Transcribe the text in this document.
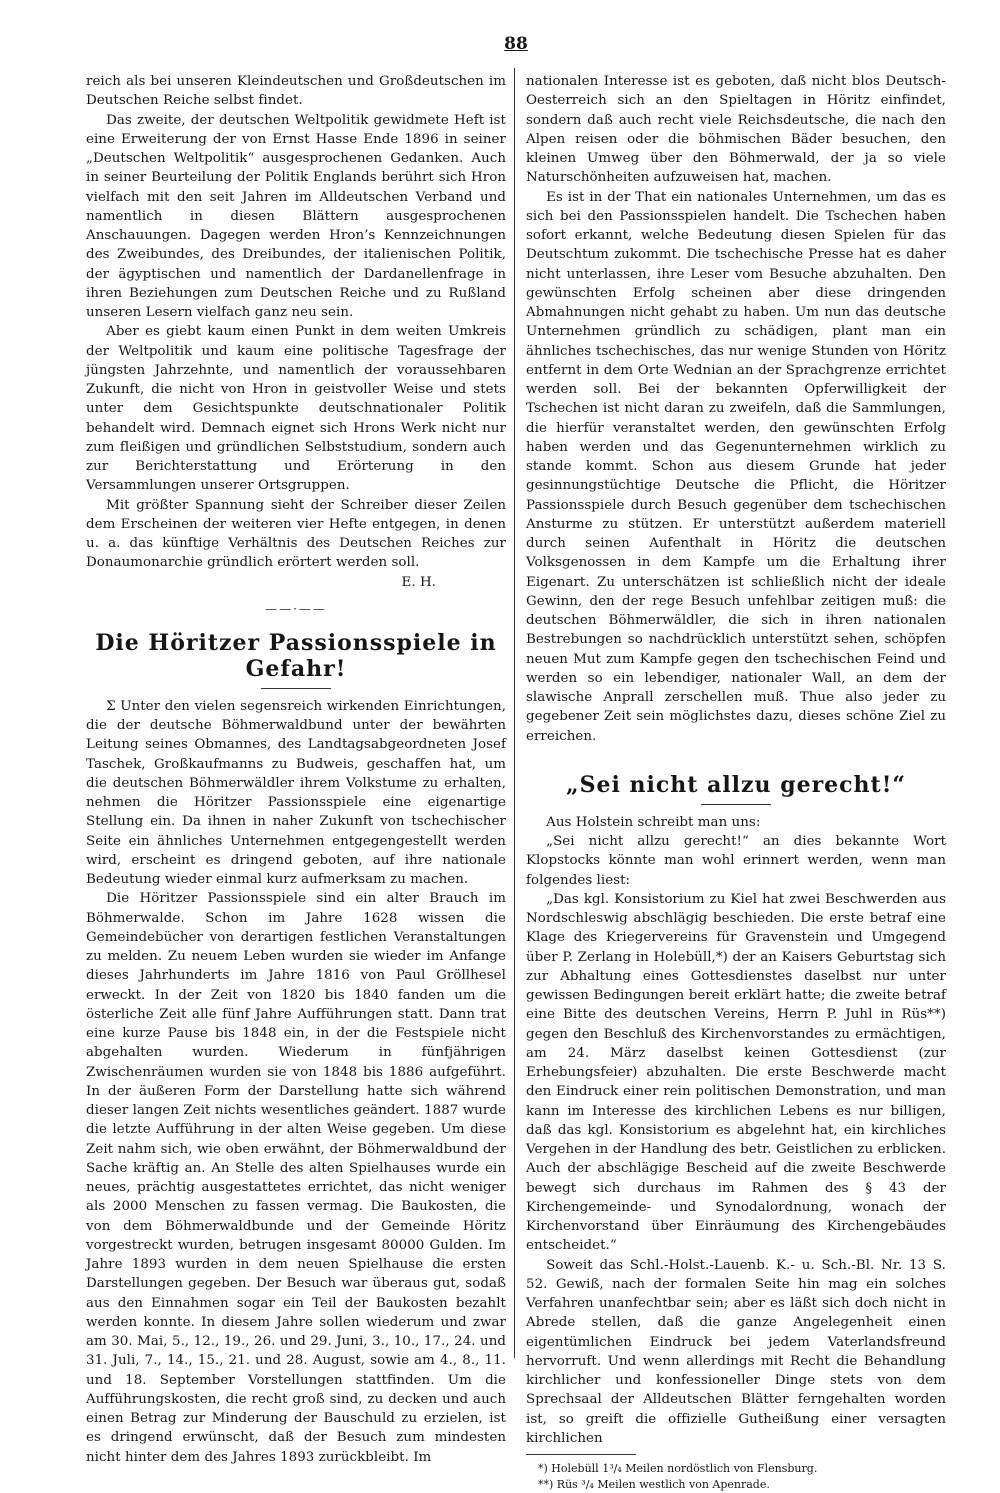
88

reich als bei unseren Kleindeutschen und Großdeutschen im Deutschen Reiche selbst findet.

Das zweite, der deutschen Weltpolitik gewidmete Heft ist eine Erweiterung der von Ernst Hasse Ende 1896 in seiner „Deutschen Weltpolitik“ ausgesprochenen Gedanken. Auch in seiner Beurteilung der Politik Englands berührt sich Hron vielfach mit den seit Jahren im Alldeutschen Verband und namentlich in diesen Blättern ausgesprochenen Anschauungen. Dagegen werden Hron’s Kennzeichnungen des Zweibundes, des Dreibundes, der italienischen Politik, der ägyptischen und namentlich der Dardanellenfrage in ihren Beziehungen zum Deutschen Reiche und zu Rußland unseren Lesern vielfach ganz neu sein.

Aber es giebt kaum einen Punkt in dem weiten Umkreis der Weltpolitik und kaum eine politische Tagesfrage der jüngsten Jahrzehnte, und namentlich der voraussehbaren Zukunft, die nicht von Hron in geistvoller Weise und stets unter dem Gesichtspunkte deutschnationaler Politik behandelt wird. Demnach eignet sich Hrons Werk nicht nur zum fleißigen und gründlichen Selbststudium, sondern auch zur Berichterstattung und Erörterung in den Versammlungen unserer Ortsgruppen.

Mit größter Spannung sieht der Schreiber dieser Zeilen dem Erscheinen der weiteren vier Hefte entgegen, in denen u. a. das künftige Verhältnis des Deutschen Reiches zur Donaumonarchie gründlich erörtert werden soll.

E. H.

——·——
Die Höritzer Passionsspiele in Gefahr!

Σ Unter den vielen segensreich wirkenden Einrichtungen, die der deutsche Böhmerwaldbund unter der bewährten Leitung seines Obmannes, des Landtagsabgeordneten Josef Taschek, Großkaufmanns zu Budweis, geschaffen hat, um die deutschen Böhmerwäldler ihrem Volkstume zu erhalten, nehmen die Höritzer Passionsspiele eine eigenartige Stellung ein. Da ihnen in naher Zukunft von tschechischer Seite ein ähnliches Unternehmen entgegengestellt werden wird, erscheint es dringend geboten, auf ihre nationale Bedeutung wieder einmal kurz aufmerksam zu machen.

Die Höritzer Passionsspiele sind ein alter Brauch im Böhmerwalde. Schon im Jahre 1628 wissen die Gemeindebücher von derartigen festlichen Veranstaltungen zu melden. Zu neuem Leben wurden sie wieder im Anfange dieses Jahrhunderts im Jahre 1816 von Paul Gröllhesel erweckt. In der Zeit von 1820 bis 1840 fanden um die österliche Zeit alle fünf Jahre Aufführungen statt. Dann trat eine kurze Pause bis 1848 ein, in der die Festspiele nicht abgehalten wurden. Wiederum in fünfjährigen Zwischenräumen wurden sie von 1848 bis 1886 aufgeführt. In der äußeren Form der Darstellung hatte sich während dieser langen Zeit nichts wesentliches geändert. 1887 wurde die letzte Aufführung in der alten Weise gegeben. Um diese Zeit nahm sich, wie oben erwähnt, der Böhmerwaldbund der Sache kräftig an. An Stelle des alten Spielhauses wurde ein neues, prächtig ausgestattetes errichtet, das nicht weniger als 2000 Menschen zu fassen vermag. Die Baukosten, die von dem Böhmerwaldbunde und der Gemeinde Höritz vorgestreckt wurden, betrugen insgesamt 80000 Gulden. Im Jahre 1893 wurden in dem neuen Spielhause die ersten Darstellungen gegeben. Der Besuch war überaus gut, sodaß aus den Einnahmen sogar ein Teil der Baukosten bezahlt werden konnte. In diesem Jahre sollen wiederum und zwar am 30. Mai, 5., 12., 19., 26. und 29. Juni, 3., 10., 17., 24. und 31. Juli, 7., 14., 15., 21. und 28. August, sowie am 4., 8., 11. und 18. September Vorstellungen stattfinden. Um die Aufführungskosten, die recht groß sind, zu decken und auch einen Betrag zur Minderung der Bauschuld zu erzielen, ist es dringend erwünscht, daß der Besuch zum mindesten nicht hinter dem des Jahres 1893 zurückbleibt. Im

nationalen Interesse ist es geboten, daß nicht blos Deutsch-Oesterreich sich an den Spieltagen in Höritz einfindet, sondern daß auch recht viele Reichsdeutsche, die nach den Alpen reisen oder die böhmischen Bäder besuchen, den kleinen Umweg über den Böhmerwald, der ja so viele Naturschönheiten aufzuweisen hat, machen.

Es ist in der That ein nationales Unternehmen, um das es sich bei den Passionsspielen handelt. Die Tschechen haben sofort erkannt, welche Bedeutung diesen Spielen für das Deutschtum zukommt. Die tschechische Presse hat es daher nicht unterlassen, ihre Leser vom Besuche abzuhalten. Den gewünschten Erfolg scheinen aber diese dringenden Abmahnungen nicht gehabt zu haben. Um nun das deutsche Unternehmen gründlich zu schädigen, plant man ein ähnliches tschechisches, das nur wenige Stunden von Höritz entfernt in dem Orte Wednian an der Sprachgrenze errichtet werden soll. Bei der bekannten Opferwilligkeit der Tschechen ist nicht daran zu zweifeln, daß die Sammlungen, die hierfür veranstaltet werden, den gewünschten Erfolg haben werden und das Gegenunternehmen wirklich zu stande kommt. Schon aus diesem Grunde hat jeder gesinnungstüchtige Deutsche die Pflicht, die Höritzer Passionsspiele durch Besuch gegenüber dem tschechischen Ansturme zu stützen. Er unterstützt außerdem materiell durch seinen Aufenthalt in Höritz die deutschen Volksgenossen in dem Kampfe um die Erhaltung ihrer Eigenart. Zu unterschätzen ist schließlich nicht der ideale Gewinn, den der rege Besuch unfehlbar zeitigen muß: die deutschen Böhmerwäldler, die sich in ihren nationalen Bestrebungen so nachdrücklich unterstützt sehen, schöpfen neuen Mut zum Kampfe gegen den tschechischen Feind und werden so ein lebendiger, nationaler Wall, an dem der slawische Anprall zerschellen muß. Thue also jeder zu gegebener Zeit sein möglichstes dazu, dieses schöne Ziel zu erreichen.

„Sei nicht allzu gerecht!“

Aus Holstein schreibt man uns:

„Sei nicht allzu gerecht!“ an dies bekannte Wort Klopstocks könnte man wohl erinnert werden, wenn man folgendes liest:

„Das kgl. Konsistorium zu Kiel hat zwei Beschwerden aus Nordschleswig abschlägig beschieden. Die erste betraf eine Klage des Kriegervereins für Gravenstein und Umgegend über P. Zerlang in Holebüll,*) der an Kaisers Geburtstag sich zur Abhaltung eines Gottesdienstes daselbst nur unter gewissen Bedingungen bereit erklärt hatte; die zweite betraf eine Bitte des deutschen Vereins, Herrn P. Juhl in Rüs**) gegen den Beschluß des Kirchenvorstandes zu ermächtigen, am 24. März daselbst keinen Gottesdienst (zur Erhebungsfeier) abzuhalten. Die erste Beschwerde macht den Eindruck einer rein politischen Demonstration, und man kann im Interesse des kirchlichen Lebens es nur billigen, daß das kgl. Konsistorium es abgelehnt hat, ein kirchliches Vergehen in der Handlung des betr. Geistlichen zu erblicken. Auch der abschlägige Bescheid auf die zweite Beschwerde bewegt sich durchaus im Rahmen des § 43 der Kirchengemeinde- und Synodalordnung, wonach der Kirchenvorstand über Einräumung des Kirchengebäudes entscheidet.“

Soweit das Schl.-Holst.-Lauenb. K.- u. Sch.-Bl. Nr. 13 S. 52. Gewiß, nach der formalen Seite hin mag ein solches Verfahren unanfechtbar sein; aber es läßt sich doch nicht in Abrede stellen, daß die ganze Angelegenheit einen eigentümlichen Eindruck bei jedem Vaterlandsfreund hervorruft. Und wenn allerdings mit Recht die Behandlung kirchlicher und konfessioneller Dinge stets von dem Sprechsaal der Alldeutschen Blätter ferngehalten worden ist, so greift die offizielle Gutheißung einer versagten kirchlichen

*) Holebüll 1³/₄ Meilen nordöstlich von Flensburg.

**) Rüs ³/₄ Meilen westlich von Apenrade.
